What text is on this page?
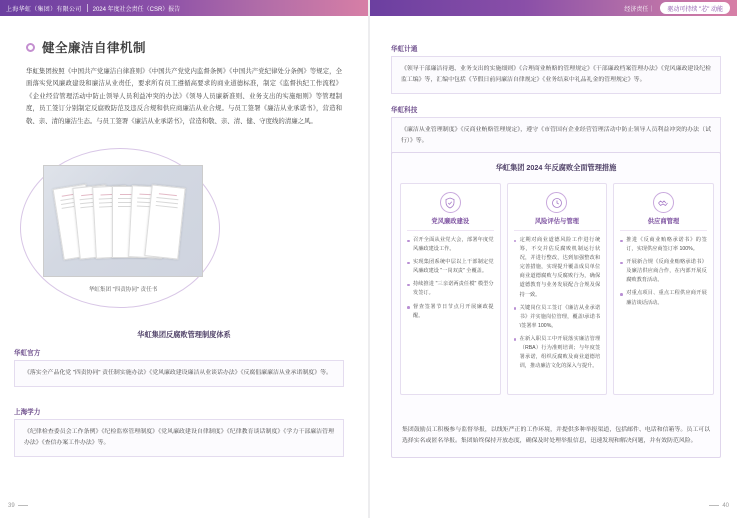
上海华虹（集团）有限公司 2024 年度社会责任（CSR）报告
健全廉洁自律机制
华虹集团按照《中国共产党廉洁自律准则》《中国共产党党内监督条例》《中国共产党纪律处分条例》等规定，全面落实党风廉政建设和廉洁从业责任，要求所有员工遵循高要求的商业道德标准，制定《监督执纪工作流程》《企业经营管理活动中防止领导人员利益冲突的办法》《领导人员廉新准则、业务支出的实施细则》等管理制度，员工签订分别制定反腐败防范及违反合规和供应商廉洁从业合规。与员工签署《廉洁从业承诺书》，营造和敬、亲、清的廉洁生态。与员工签署《廉洁从业承诺书》，营造和敬、亲、清、健、守度线的清廉之风。
华虹集团 "四责协同" 责任书
华虹集团反腐败管理制度体系
华虹官方
《落实全产品化党 "四责协同" 责任制实施办法》《党风廉政建设廉洁从业谈话办法》《反腐倡廉廉洁从业承诺制度》等。
上海学力
《纪律检查委员会工作条例》《纪检监察管理制度》《党风廉政建设自律制度》《纪律教育谈话制度》《学力干部廉洁管理办法》《查信办案工作办法》等。
39
经济责任｜	驱动可持续 "芯" 动能
华虹计通
《领导干部廉洁待遇、业务支出的实施细则》《合理商业贿赂的管理规定》《干部廉政档案管理办法》《党风廉政建设纪检监工编》等，汇编中包括《节假日前问廉洁自律规定》《业务结束中礼品礼金的管理规定》等。
华虹科技
《廉洁从业管理制度》《反商业贿赂管理规定》，遵守《市管国有企业经营管理活动中防止领导人员利益冲突的办法（试行）》等。
华虹集团 2024 年反腐败全面管理措施
党风廉政建设
召开全面从业党大会，部署年度党风廉政建设工作。
实现集团系统中层以上干部制定党风廉政建设 "一岗双责" 全覆盖。
持续推进 "三亲诺两责任模" 模型分发签订。
督查签署节日节点月开展廉政提醒。
风险评估与管理
定期对商业道德风险工作进行统筹，不交并估反腐败机制运行状况，并进行整改，达到加强整改和完善措施，实现提升覆盖成员单位商业道德腐败与反腐败行为，确保道德教育与业务发展配合合规及保持一致。
关键岗位员工签订《廉洁从业承诺书》并实施岗位管理，覆盖\承诺书\签署率 100%。
在新入职员工中开展落实廉洁管理（RBA）行为准则培训；与年度签署承诺，组织反腐败及商业道德培训，推动廉洁文化的深入与提升。
供应商管理
推进《反商业贿赂承诺书》的签订，实现供应商签订率 100%。
开展新合规《反商业贿赂承诺书》及廉洁供应商合作，在内部开展反腐败教育活动。
对重点项目、重点工程供应商开展廉洁谈话活动。
集团鼓励员工积极参与监督举报，以线矩严正的工作环境，并提供多种举报渠道，包括邮件、电话和信箱等。员工可以选择实名或匿名举报。集团始终保持开放态度，确保及时处理举报信息，迅速发现和解决问题，并有效防范风险。
40
